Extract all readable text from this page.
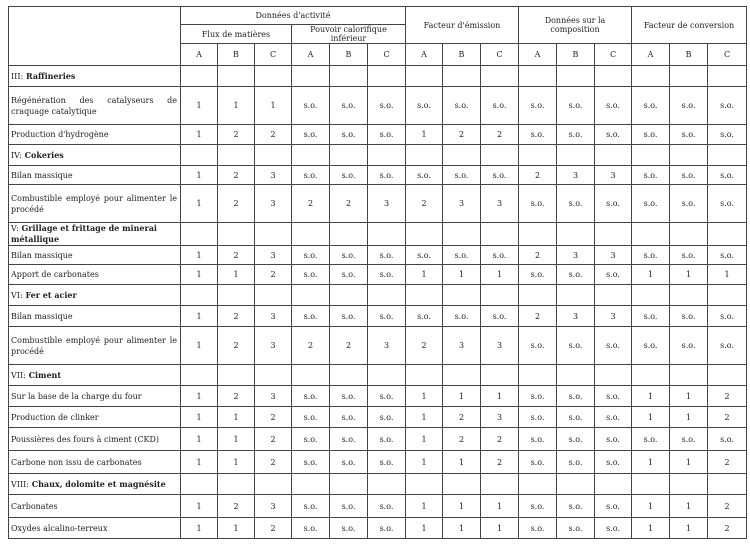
	Données d'activité						Facteur d'émission			Données sur la composition			Facteur de conversion		
	Flux de matières			Pouvoir calorifique inférieur											
	A	B	C	A	B	C	A	B	C	A	B	C	A	B	C
III: Raffineries															
Régénération des catalyseurs de craquage catalytique	1	1	1	s.o.	s.o.	s.o.	s.o.	s.o.	s.o.	s.o.	s.o.	s.o.	s.o.	s.o.	s.o.
Production d'hydrogène	1	2	2	s.o.	s.o.	s.o.	1	2	2	s.o.	s.o.	s.o.	s.o.	s.o.	s.o.
IV: Cokeries															
Bilan massique	1	2	3	s.o.	s.o.	s.o.	s.o.	s.o.	s.o.	2	3	3	s.o.	s.o.	s.o.
Combustible employé pour alimenter le procédé	1	2	3	2	2	3	2	3	3	s.o.	s.o.	s.o.	s.o.	s.o.	s.o.
V: Grillage et frittage de minerai métallique															
Bilan massique	1	2	3	s.o.	s.o.	s.o.	s.o.	s.o.	s.o.	2	3	3	s.o.	s.o.	s.o.
Apport de carbonates	1	1	2	s.o.	s.o.	s.o.	1	1	1	s.o.	s.o.	s.o.	1	1	1
VI: Fer et acier															
Bilan massique	1	2	3	s.o.	s.o.	s.o.	s.o.	s.o.	s.o.	2	3	3	s.o.	s.o.	s.o.
Combustible employé pour alimenter le procédé	1	2	3	2	2	3	2	3	3	s.o.	s.o.	s.o.	s.o.	s.o.	s.o.
VII: Ciment															
Sur la base de la charge du four	1	2	3	s.o.	s.o.	s.o.	1	1	1	s.o.	s.o.	s.o.	1	1	2
Production de clinker	1	1	2	s.o.	s.o.	s.o.	1	2	3	s.o.	s.o.	s.o.	1	1	2
Poussières des fours à ciment (CKD)	1	1	2	s.o.	s.o.	s.o.	1	2	2	s.o.	s.o.	s.o.	s.o.	s.o.	s.o.
Carbone non issu de carbonates	1	1	2	s.o.	s.o.	s.o.	1	1	2	s.o.	s.o.	s.o.	1	1	2
VIII: Chaux, dolomite et magnésite															
Carbonates	1	2	3	s.o.	s.o.	s.o.	1	1	1	s.o.	s.o.	s.o.	1	1	2
Oxydes alcalino-terreux	1	1	2	s.o.	s.o.	s.o.	1	1	1	s.o.	s.o.	s.o.	1	1	2
